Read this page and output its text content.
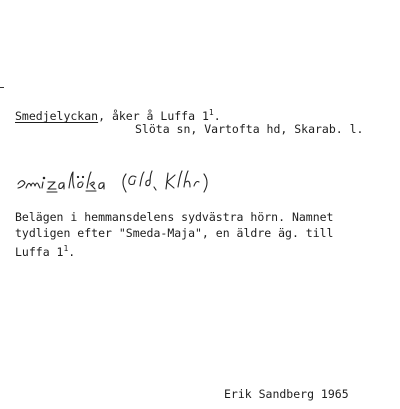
Smedjelyckan, åker å Luffa $1^1$.
Slöta sn, Vartofta hd, Skarab. l.
Belägen i hemmansdelens sydvästra hörn. Namnet
tydligen efter "Smeda-Maja", en äldre äg. till
Luffa $1^1$.
Erik Sandberg 1965
